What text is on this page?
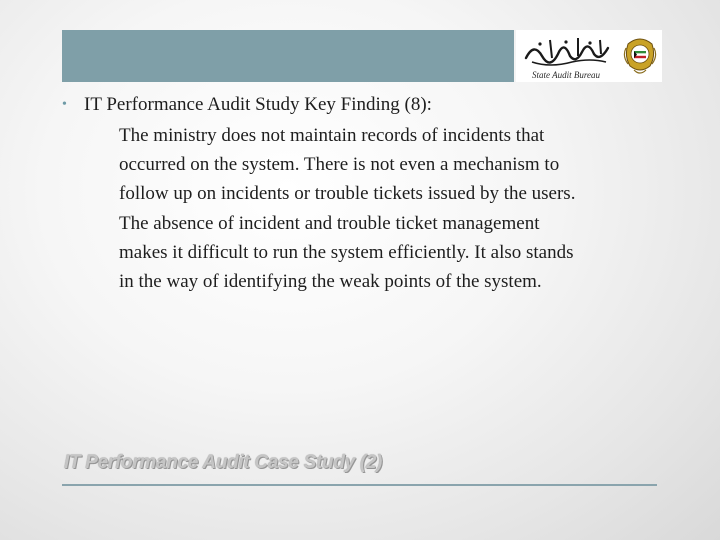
State Audit Bureau
• IT Performance Audit Study Key Finding (8):
The ministry does not maintain records of incidents that
occurred on the system. There is not even a mechanism to
follow up on incidents or trouble tickets issued by the users.
The absence of incident and trouble ticket management
makes it difficult to run the system efficiently. It also stands
in the way of identifying the weak points of the system.
IT Performance Audit Case Study (2)
